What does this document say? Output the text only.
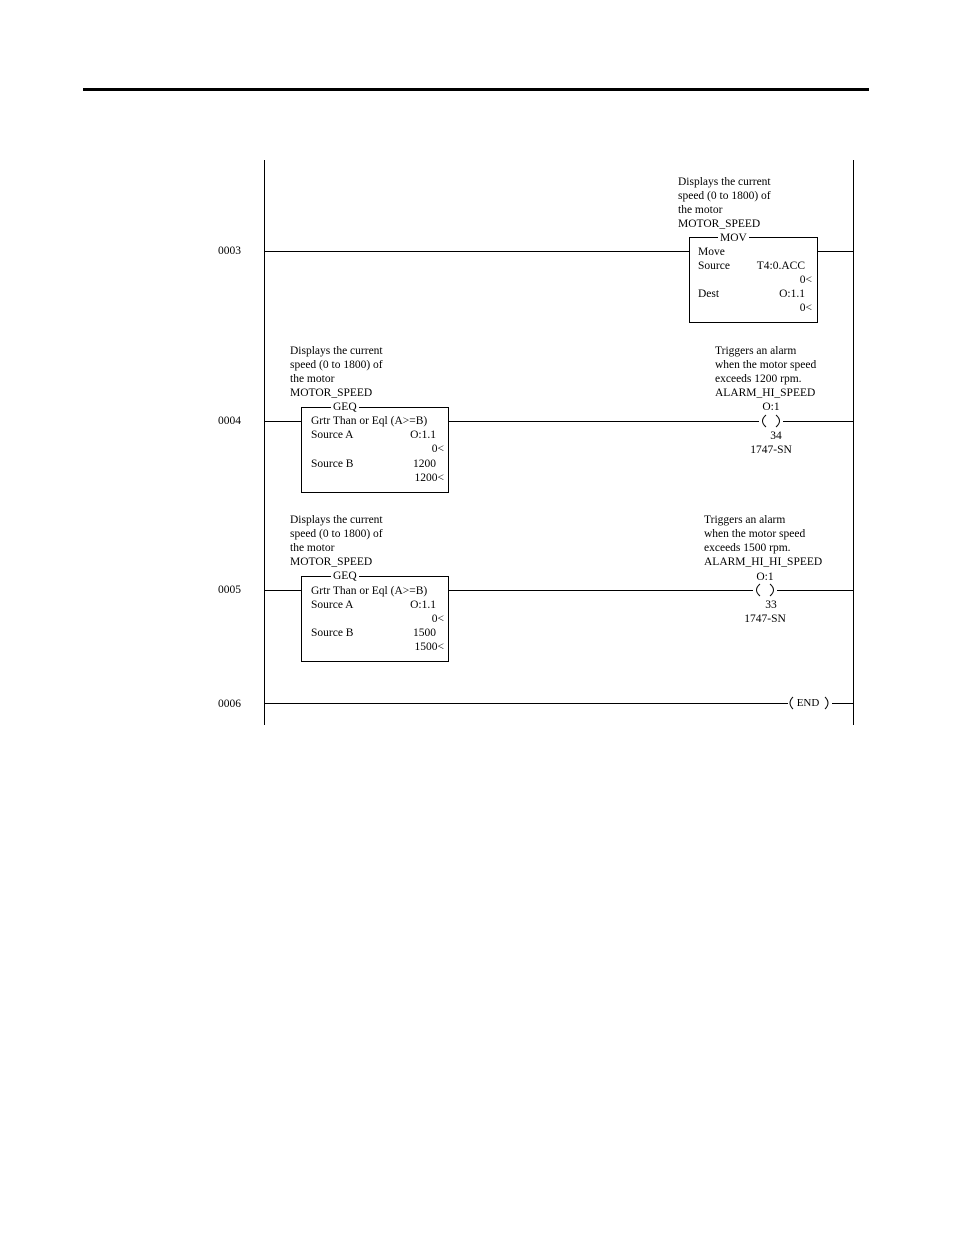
0003
Displays the current
speed (0 to 1800) of
the motor
MOTOR_SPEED
MOV
Move
Source	T4:0.ACC
0<
Dest	O:1.1
0<
0004
Displays the current
speed (0 to 1800) of
the motor
MOTOR_SPEED
GEQ
Grtr Than or Eql (A>=B)
Source A	O:1.1
0<
Source B	1200
1200<
Triggers an alarm
when the motor speed
exceeds 1200 rpm.
ALARM_HI_SPEED
O:1
34
1747-SN
0005
Displays the current
speed (0 to 1800) of
the motor
MOTOR_SPEED
GEQ
Grtr Than or Eql (A>=B)
Source A	O:1.1
0<
Source B	1500
1500<
Triggers an alarm
when the motor speed
exceeds 1500 rpm.
ALARM_HI_HI_SPEED
O:1
33
1747-SN
0006	END
